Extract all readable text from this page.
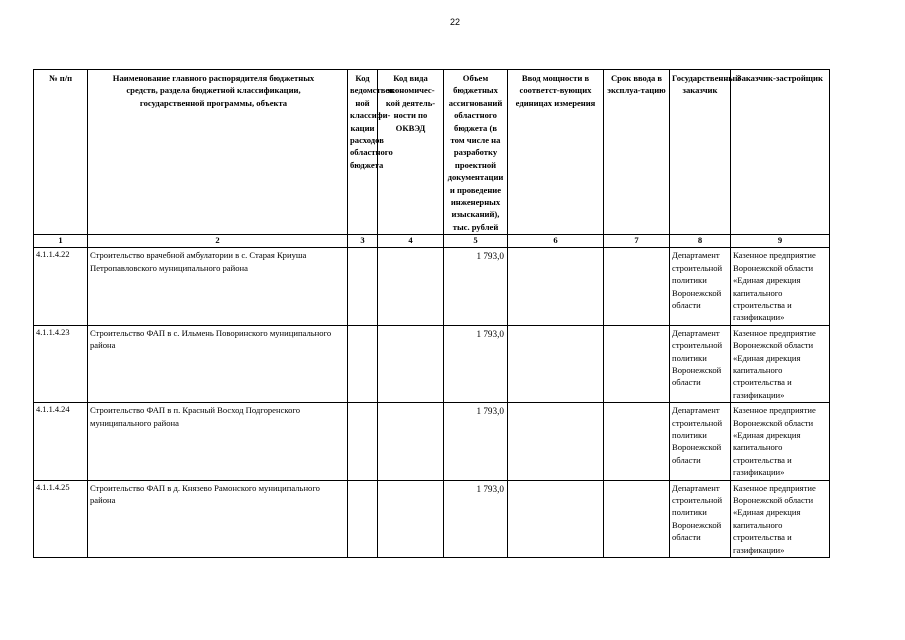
22
№ п/п	Наименование главного распорядителя бюджетных средств, раздела бюджетной классификации, государственной программы, объекта	Код ведомствен-ной классифи-кации расходов областного бюджета	Код вида экономичес-кой деятель-ности по ОКВЭД	Объем бюджетных ассигнований областного бюджета (в том числе на разработку проектной документации и проведение инженерных изысканий), тыс. рублей	Ввод мощности в соответст-вующих единицах измерения	Срок ввода в эксплуа-тацию	Государственный заказчик	Заказчик-застройщик
1	2	3	4	5	6	7	8	9
4.1.1.4.22	Строительство врачебной амбулатории в с. Старая Криуша Петропавловского муниципального района			1 793,0			Департамент строительной политики Воронежской области	Казенное предприятие Воронежской области «Единая дирекция капитального строительства и газификации»
4.1.1.4.23	Строительство ФАП в с. Ильмень Поворинского муниципального района			1 793,0			Департамент строительной политики Воронежской области	Казенное предприятие Воронежской области «Единая дирекция капитального строительства и газификации»
4.1.1.4.24	Строительство ФАП в п. Красный Восход Подгоренского муниципального района			1 793,0			Департамент строительной политики Воронежской области	Казенное предприятие Воронежской области «Единая дирекция капитального строительства и газификации»
4.1.1.4.25	Строительство ФАП в д. Князево Рамонского муниципального района			1 793,0			Департамент строительной политики Воронежской области	Казенное предприятие Воронежской области «Единая дирекция капитального строительства и газификации»
